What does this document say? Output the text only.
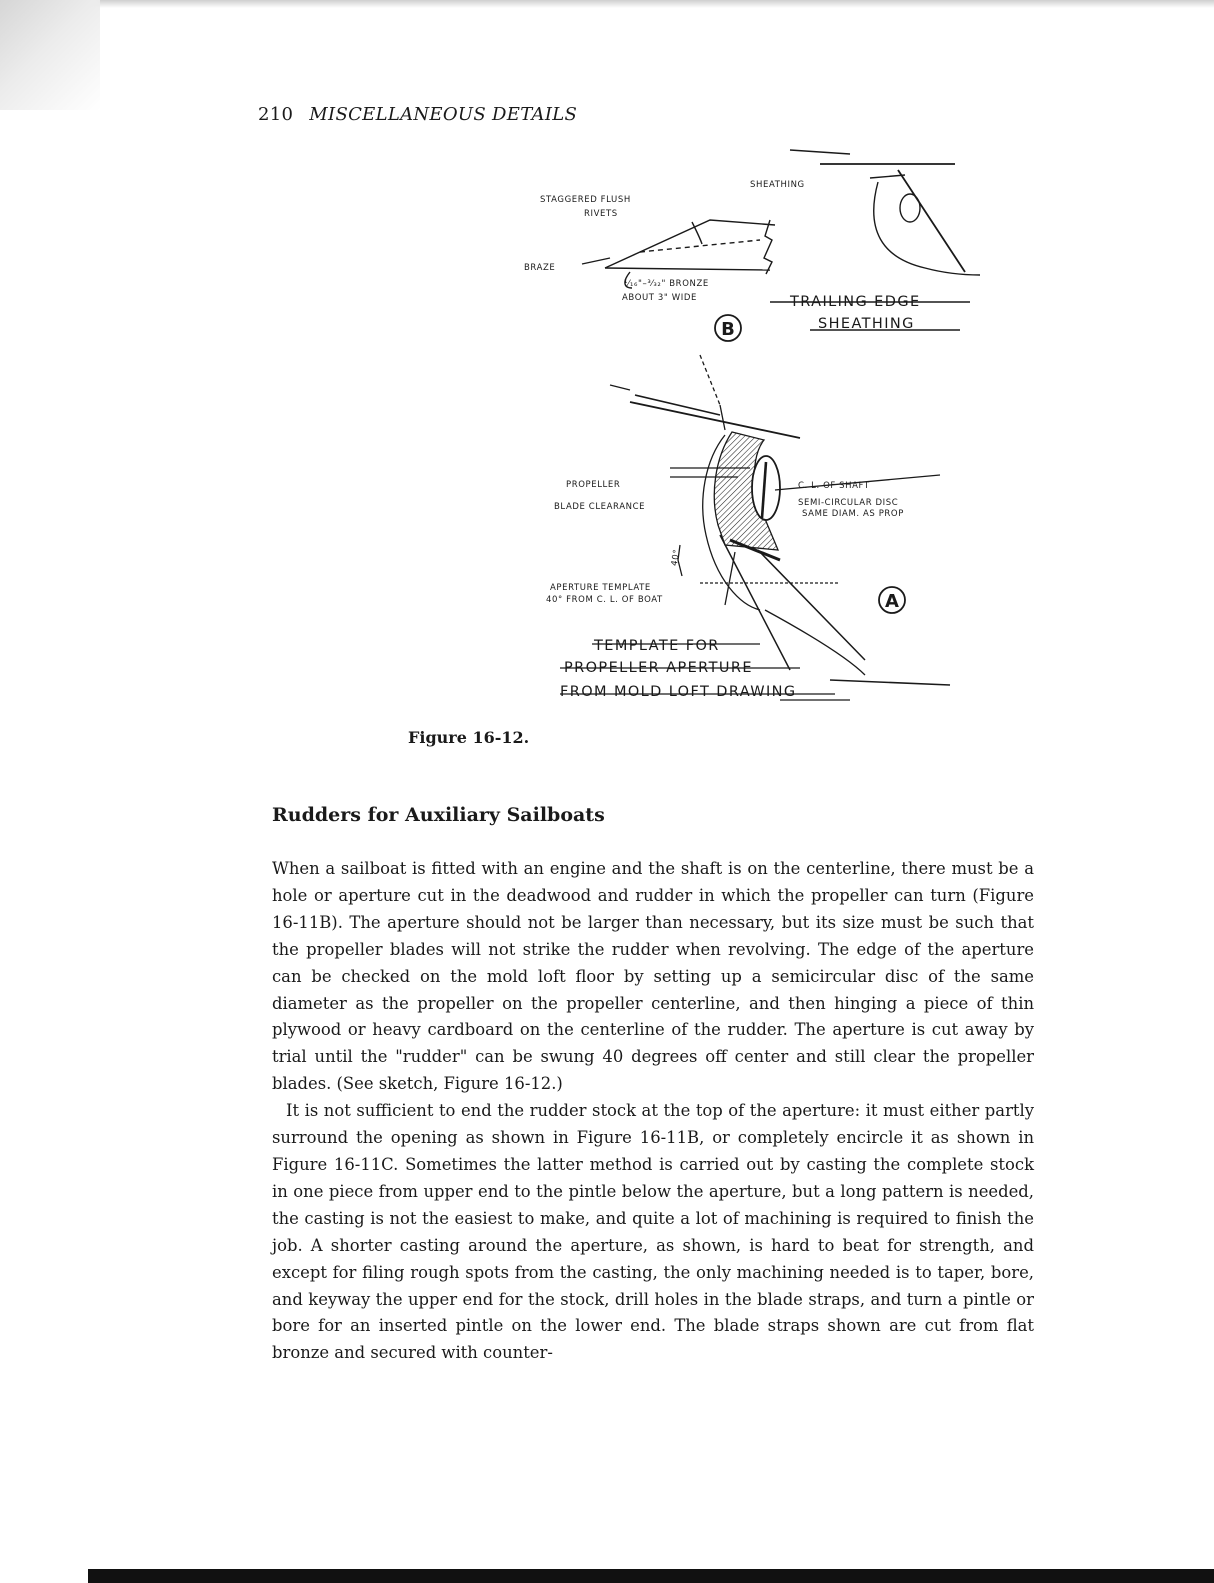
210 MISCELLANEOUS DETAILS
SHEATHING
STAGGERED FLUSH
RIVETS
BRAZE
¹⁄₁₆"–³⁄₃₂" BRONZE
ABOUT 3" WIDE	TRAILING EDGE
SHEATHING
B
PROPELLER
BLADE CLEARANCE
C. L. OF SHAFT
SEMI-CIRCULAR DISC
SAME DIAM. AS PROP
40°
APERTURE TEMPLATE
40° FROM C. L. OF BOAT
TEMPLATE FOR
PROPELLER APERTURE
FROM MOLD LOFT DRAWING
A
Figure 16-12.
Rudders for Auxiliary Sailboats

When a sailboat is fitted with an engine and the shaft is on the centerline, there must be a hole or aperture cut in the deadwood and rudder in which the propeller can turn (Figure 16-11B). The aperture should not be larger than necessary, but its size must be such that the propeller blades will not strike the rudder when revolving. The edge of the aperture can be checked on the mold loft floor by setting up a semicircular disc of the same diameter as the propeller on the propeller centerline, and then hinging a piece of thin plywood or heavy cardboard on the centerline of the rudder. The aperture is cut away by trial until the "rudder" can be swung 40 degrees off center and still clear the propeller blades. (See sketch, Figure 16-12.)

It is not sufficient to end the rudder stock at the top of the aperture: it must either partly surround the opening as shown in Figure 16-11B, or completely encircle it as shown in Figure 16-11C. Sometimes the latter method is carried out by casting the complete stock in one piece from upper end to the pintle below the aperture, but a long pattern is needed, the casting is not the easiest to make, and quite a lot of machining is required to finish the job. A shorter casting around the aperture, as shown, is hard to beat for strength, and except for filing rough spots from the casting, the only machining needed is to taper, bore, and keyway the upper end for the stock, drill holes in the blade straps, and turn a pintle or bore for an inserted pintle on the lower end. The blade straps shown are cut from flat bronze and secured with counter-
